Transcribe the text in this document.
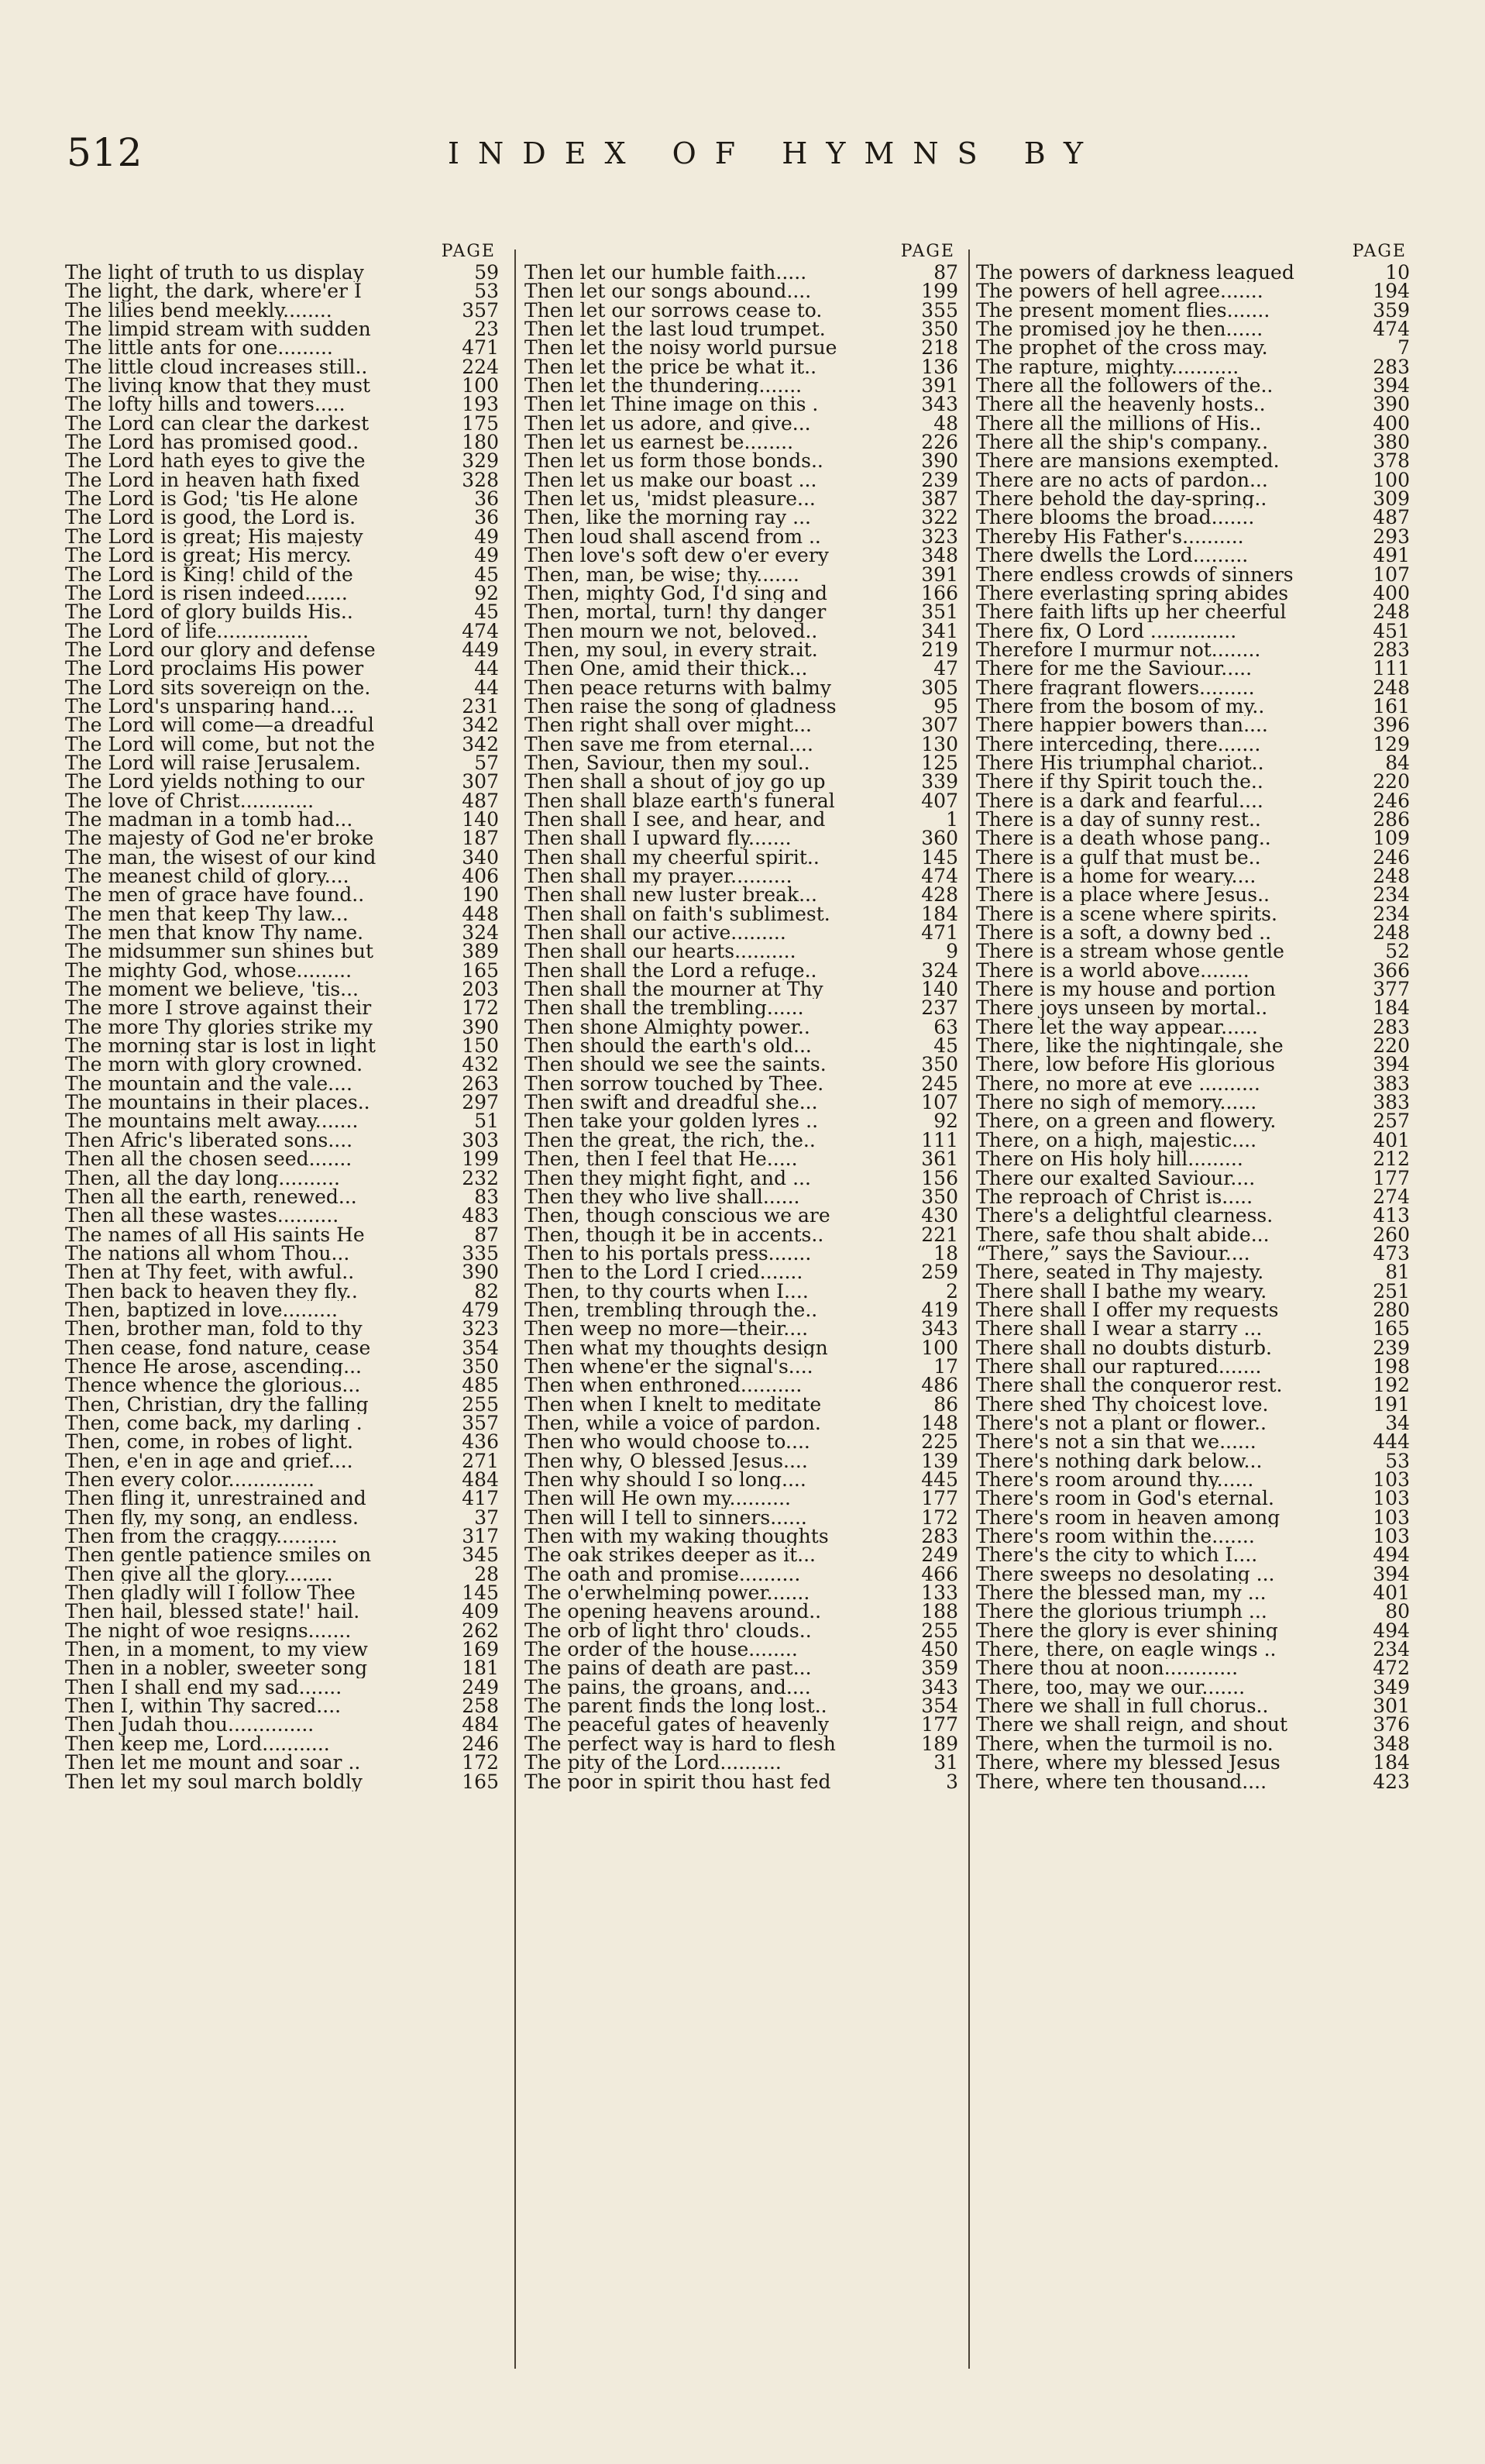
512	INDEX OF HYMNS BY
PAGE
The light of truth to us display	59
The light, the dark, where'er I	53
The lilies bend meekly........	357
The limpid stream with sudden	23
The little ants for one.........	471
The little cloud increases still..	224
The living know that they must	100
The lofty hills and towers.....	193
The Lord can clear the darkest	175
The Lord has promised good..	180
The Lord hath eyes to give the	329
The Lord in heaven hath fixed	328
The Lord is God; 'tis He alone	36
The Lord is good, the Lord is.	36
The Lord is great; His majesty	49
The Lord is great; His mercy.	49
The Lord is King! child of the	45
The Lord is risen indeed.......	92
The Lord of glory builds His..	45
The Lord of life...............	474
The Lord our glory and defense	449
The Lord proclaims His power	44
The Lord sits sovereign on the.	44
The Lord's unsparing hand....	231
The Lord will come—a dreadful	342
The Lord will come, but not the	342
The Lord will raise Jerusalem.	57
The Lord yields nothing to our	307
The love of Christ............	487
The madman in a tomb had...	140
The majesty of God ne'er broke	187
The man, the wisest of our kind	340
The meanest child of glory....	406
The men of grace have found..	190
The men that keep Thy law...	448
The men that know Thy name.	324
The midsummer sun shines but	389
The mighty God, whose.........	165
The moment we believe, 'tis...	203
The more I strove against their	172
The more Thy glories strike my	390
The morning star is lost in light	150
The morn with glory crowned.	432
The mountain and the vale....	263
The mountains in their places..	297
The mountains melt away.......	51
Then Afric's liberated sons....	303
Then all the chosen seed.......	199
Then, all the day long..........	232
Then all the earth, renewed...	83
Then all these wastes..........	483
The names of all His saints He	87
The nations all whom Thou...	335
Then at Thy feet, with awful..	390
Then back to heaven they fly..	82
Then, baptized in love.........	479
Then, brother man, fold to thy	323
Then cease, fond nature, cease	354
Thence He arose, ascending...	350
Thence whence the glorious...	485
Then, Christian, dry the falling	255
Then, come back, my darling .	357
Then, come, in robes of light.	436
Then, e'en in age and grief....	271
Then every color..............	484
Then fling it, unrestrained and	417
Then fly, my song, an endless.	37
Then from the craggy..........	317
Then gentle patience smiles on	345
Then give all the glory........	28
Then gladly will I follow Thee	145
Then hail, blessed state!' hail.	409
The night of woe resigns.......	262
Then, in a moment, to my view	169
Then in a nobler, sweeter song	181
Then I shall end my sad.......	249
Then I, within Thy sacred....	258
Then Judah thou..............	484
Then keep me, Lord...........	246
Then let me mount and soar ..	172
Then let my soul march boldly	165
PAGE
Then let our humble faith.....	87
Then let our songs abound....	199
Then let our sorrows cease to.	355
Then let the last loud trumpet.	350
Then let the noisy world pursue	218
Then let the price be what it..	136
Then let the thundering.......	391
Then let Thine image on this .	343
Then let us adore, and give...	48
Then let us earnest be........	226
Then let us form those bonds..	390
Then let us make our boast ...	239
Then let us, 'midst pleasure...	387
Then, like the morning ray ...	322
Then loud shall ascend from ..	323
Then love's soft dew o'er every	348
Then, man, be wise; thy.......	391
Then, mighty God, I'd sing and	166
Then, mortal, turn! thy danger	351
Then mourn we not, beloved..	341
Then, my soul, in every strait.	219
Then One, amid their thick...	47
Then peace returns with balmy	305
Then raise the song of gladness	95
Then right shall over might...	307
Then save me from eternal....	130
Then, Saviour, then my soul..	125
Then shall a shout of joy go up	339
Then shall blaze earth's funeral	407
Then shall I see, and hear, and	1
Then shall I upward fly.......	360
Then shall my cheerful spirit..	145
Then shall my prayer..........	474
Then shall new luster break...	428
Then shall on faith's sublimest.	184
Then shall our active.........	471
Then shall our hearts..........	9
Then shall the Lord a refuge..	324
Then shall the mourner at Thy	140
Then shall the trembling......	237
Then shone Almighty power..	63
Then should the earth's old...	45
Then should we see the saints.	350
Then sorrow touched by Thee.	245
Then swift and dreadful she...	107
Then take your golden lyres ..	92
Then the great, the rich, the..	111
Then, then I feel that He.....	361
Then they might fight, and ...	156
Then they who live shall......	350
Then, though conscious we are	430
Then, though it be in accents..	221
Then to his portals press.......	18
Then to the Lord I cried.......	259
Then, to thy courts when I....	2
Then, trembling through the..	419
Then weep no more—their....	343
Then what my thoughts design	100
Then whene'er the signal's....	17
Then when enthroned..........	486
Then when I knelt to meditate	86
Then, while a voice of pardon.	148
Then who would choose to....	225
Then why, O blessed Jesus....	139
Then why should I so long....	445
Then will He own my..........	177
Then will I tell to sinners......	172
Then with my waking thoughts	283
The oak strikes deeper as it...	249
The oath and promise..........	466
The o'erwhelming power.......	133
The opening heavens around..	188
The orb of light thro' clouds..	255
The order of the house........	450
The pains of death are past...	359
The pains, the groans, and....	343
The parent finds the long lost..	354
The peaceful gates of heavenly	177
The perfect way is hard to flesh	189
The pity of the Lord..........	31
The poor in spirit thou hast fed	3
PAGE
The powers of darkness leagued	10
The powers of hell agree.......	194
The present moment flies.......	359
The promised joy he then......	474
The prophet of the cross may.	7
The rapture, mighty...........	283
There all the followers of the..	394
There all the heavenly hosts..	390
There all the millions of His..	400
There all the ship's company..	380
There are mansions exempted.	378
There are no acts of pardon...	100
There behold the day-spring..	309
There blooms the broad.......	487
Thereby His Father's..........	293
There dwells the Lord.........	491
There endless crowds of sinners	107
There everlasting spring abides	400
There faith lifts up her cheerful	248
There fix, O Lord ..............	451
Therefore I murmur not........	283
There for me the Saviour.....	111
There fragrant flowers.........	248
There from the bosom of my..	161
There happier bowers than....	396
There interceding, there.......	129
There His triumphal chariot..	84
There if thy Spirit touch the..	220
There is a dark and fearful....	246
There is a day of sunny rest..	286
There is a death whose pang..	109
There is a gulf that must be..	246
There is a home for weary....	248
There is a place where Jesus..	234
There is a scene where spirits.	234
There is a soft, a downy bed ..	248
There is a stream whose gentle	52
There is a world above........	366
There is my house and portion	377
There joys unseen by mortal..	184
There let the way appear......	283
There, like the nightingale, she	220
There, low before His glorious	394
There, no more at eve ..........	383
There no sigh of memory......	383
There, on a green and flowery.	257
There, on a high, majestic....	401
There on His holy hill.........	212
There our exalted Saviour....	177
The reproach of Christ is.....	274
There's a delightful clearness.	413
There, safe thou shalt abide...	260
“There,” says the Saviour....	473
There, seated in Thy majesty.	81
There shall I bathe my weary.	251
There shall I offer my requests	280
There shall I wear a starry ...	165
There shall no doubts disturb.	239
There shall our raptured.......	198
There shall the conqueror rest.	192
There shed Thy choicest love.	191
There's not a plant or flower..	34
There's not a sin that we......	444
There's nothing dark below...	53
There's room around thy......	103
There's room in God's eternal.	103
There's room in heaven among	103
There's room within the.......	103
There's the city to which I....	494
There sweeps no desolating ...	394
There the blessed man, my ...	401
There the glorious triumph ...	80
There the glory is ever shining	494
There, there, on eagle wings ..	234
There thou at noon............	472
There, too, may we our.......	349
There we shall in full chorus..	301
There we shall reign, and shout	376
There, when the turmoil is no.	348
There, where my blessed Jesus	184
There, where ten thousand....	423
